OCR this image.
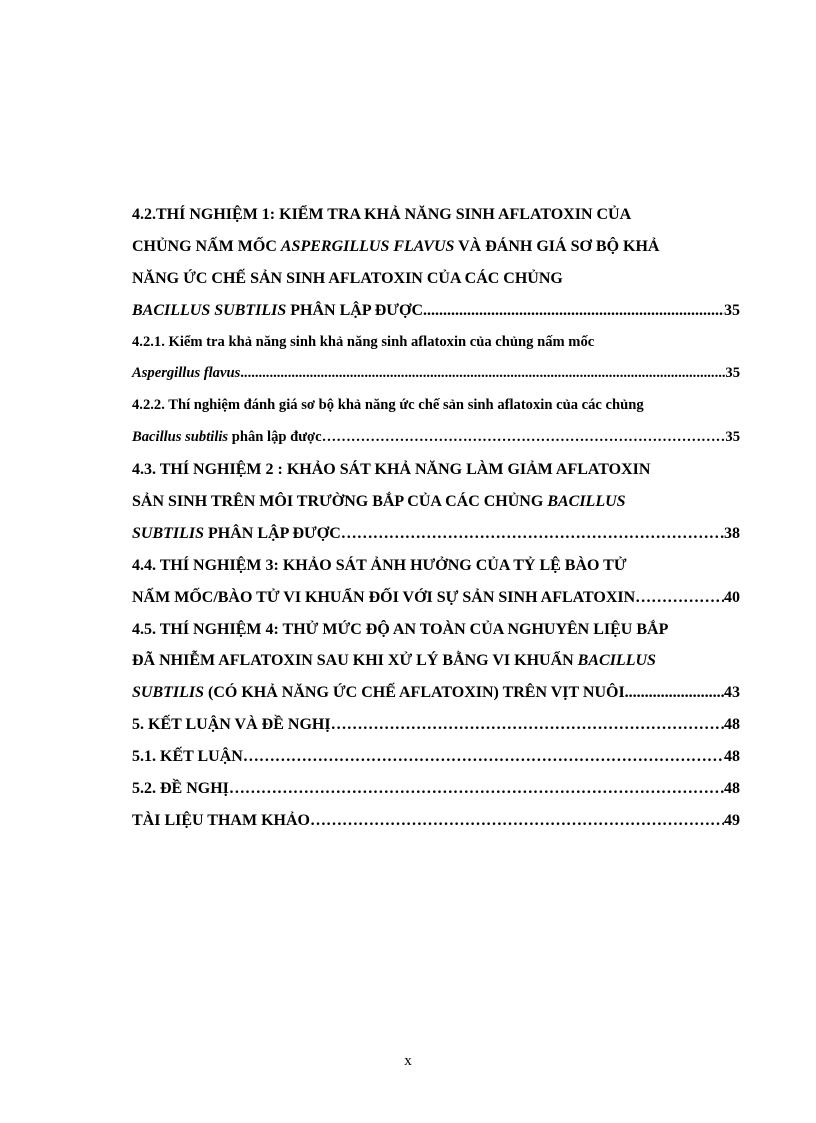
4.2.THÍ NGHIỆM 1: KIỂM TRA KHẢ NĂNG SINH AFLATOXIN CỦA
CHỦNG NẤM MỐC ASPERGILLUS FLAVUS VÀ ĐÁNH GIÁ SƠ BỘ KHẢ
NĂNG ỨC CHẾ SẢN SINH AFLATOXIN CỦA CÁC CHỦNG
BACILLUS SUBTILIS PHÂN LẬP ĐƯỢC .....	35
4.2.1. Kiểm tra khả năng sinh khả năng sinh aflatoxin của chủng nấm mốc
Aspergillus flavus .....	35
4.2.2. Thí nghiệm đánh giá sơ bộ khả năng ức chế sản sinh aflatoxin của các chủng
Bacillus subtilis phân lập được ………………………………………………………………………………………………………………………………………………………………	35
4.3. THÍ NGHIỆM 2 : KHẢO SÁT KHẢ NĂNG LÀM GIẢM AFLATOXIN
SẢN SINH TRÊN MÔI TRƯỜNG BẮP CỦA CÁC CHỦNG BACILLUS
SUBTILIS PHÂN LẬP ĐƯỢC ………………………………………………………………………………………………………………………………………………………………	38
4.4. THÍ NGHIỆM 3: KHẢO SÁT ẢNH HƯỞNG CỦA TỶ LỆ BÀO TỬ
NẤM MỐC/BÀO TỬ VI KHUẨN ĐỐI VỚI SỰ SẢN SINH AFLATOXIN ………………………………………………………………………………………………………………………………………………………………	40
4.5. THÍ NGHIỆM 4: THỬ MỨC ĐỘ AN TOÀN CỦA NGHUYÊN LIỆU BẮP
ĐÃ NHIỄM AFLATOXIN SAU KHI XỬ LÝ BẰNG VI KHUẨN BACILLUS
SUBTILIS (CÓ KHẢ NĂNG ỨC CHẾ AFLATOXIN) TRÊN VỊT NUÔI .....	43
5. KẾT LUẬN VÀ ĐỀ NGHỊ ………………………………………………………………………………………………………………………………………………………………	48
5.1. KẾT LUẬN ………………………………………………………………………………………………………………………………………………………………	48
5.2. ĐỀ NGHỊ ………………………………………………………………………………………………………………………………………………………………	48
TÀI LIỆU THAM KHẢO ………………………………………………………………………………………………………………………………………………………………	49
x
